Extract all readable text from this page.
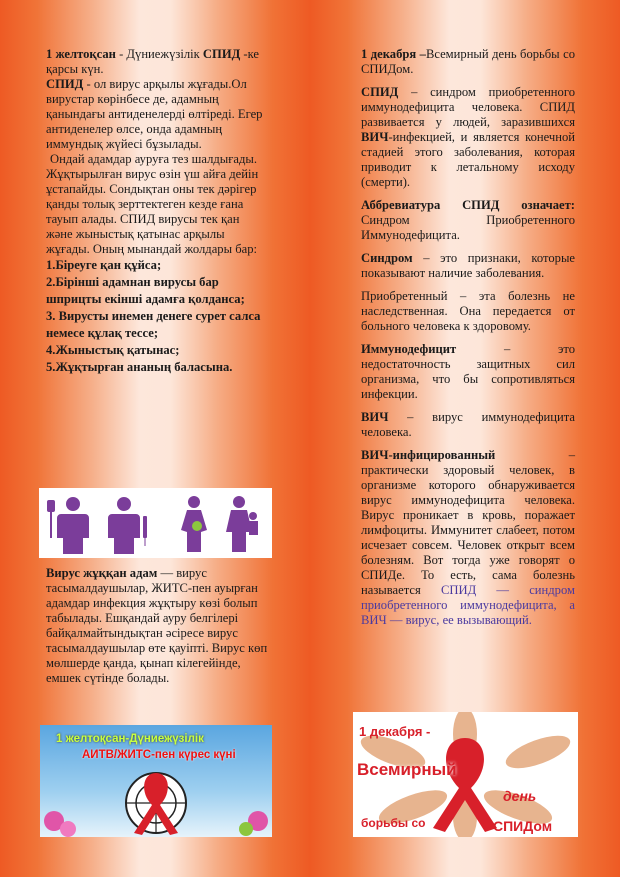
1 желтоқсан - Дүниежүзілік СПИД -ке қарсы күн.

СПИД - ол вирус арқылы жұғады.Ол вирустар көрінбесе де, адамның қанындағы антиденелерді өлтіреді. Егер антиденелер өлсе, онда адамның иммундық жүйесі бұзылады.

Ондай адамдар ауруға тез шалдығады. Жұқтырылған вирус өзін үш айға дейін ұстапайды. Сондықтан оны тек дәрігер қанды толық зерттектеген кезде ғана тауып алады. СПИД вирусы тек қан және жыныстық қатынас арқылы жұғады. Оның мынандай жолдары бар:

1.Біреуге қан құйса;

2.Бірінші адамнан вирусы бар шприцты екінші адамға қолданса;

3. Вирусты инемен денеге сурет салса немесе құлақ тессе;

4.Жыныстық қатынас;

5.Жұқтырған ананың баласына.

Вирус жұққан адам — вирус тасымалдаушылар, ЖИТС-пен ауырған адамдар инфекция жұқтыру көзі болып табылады. Ешқандай ауру белгілері байқалмайтындықтан әсіресе вирус тасымалдаушылар өте қауіпті. Вирус көп мөлшерде қанда, қынап кілегейінде, емшек сүтінде болады.

1 желтоқсан-Дүниежүзілік
АИТВ/ЖИТС-пен күрес күні

1 декабря –Всемирный день борьбы со СПИДом.

СПИД – синдром приобретенного иммунодефицита человека. СПИД развивается у людей, заразившихся ВИЧ-инфекцией, и является конечной стадией этого заболевания, которая приводит к летальному исходу (смерти).

Аббревиатура СПИД означает: Синдром Приобретенного Иммунодефицита.

Синдром – это признаки, которые показывают наличие заболевания.

Приобретенный – эта болезнь не наследственная. Она передается от больного человека к здоровому.

Иммунодефицит – это недостаточность защитных сил организма, что бы сопротивляться инфекции.

ВИЧ – вирус иммунодефицита человека.

ВИЧ-инфицированный – практически здоровый человек, в организме которого обнаруживается вирус иммунодефицита человека. Вирус проникает в кровь, поражает лимфоциты. Иммунитет слабеет, потом исчезает совсем. Человек открыт всем болезням. Вот тогда уже говорят о СПИДе. То есть, сама болезнь называется СПИД — синдром приобретенного иммунодефицита, а ВИЧ — вирус, ее вызывающий.

1 декабря -
Всемирный
день
борьбы со	СПИДом
